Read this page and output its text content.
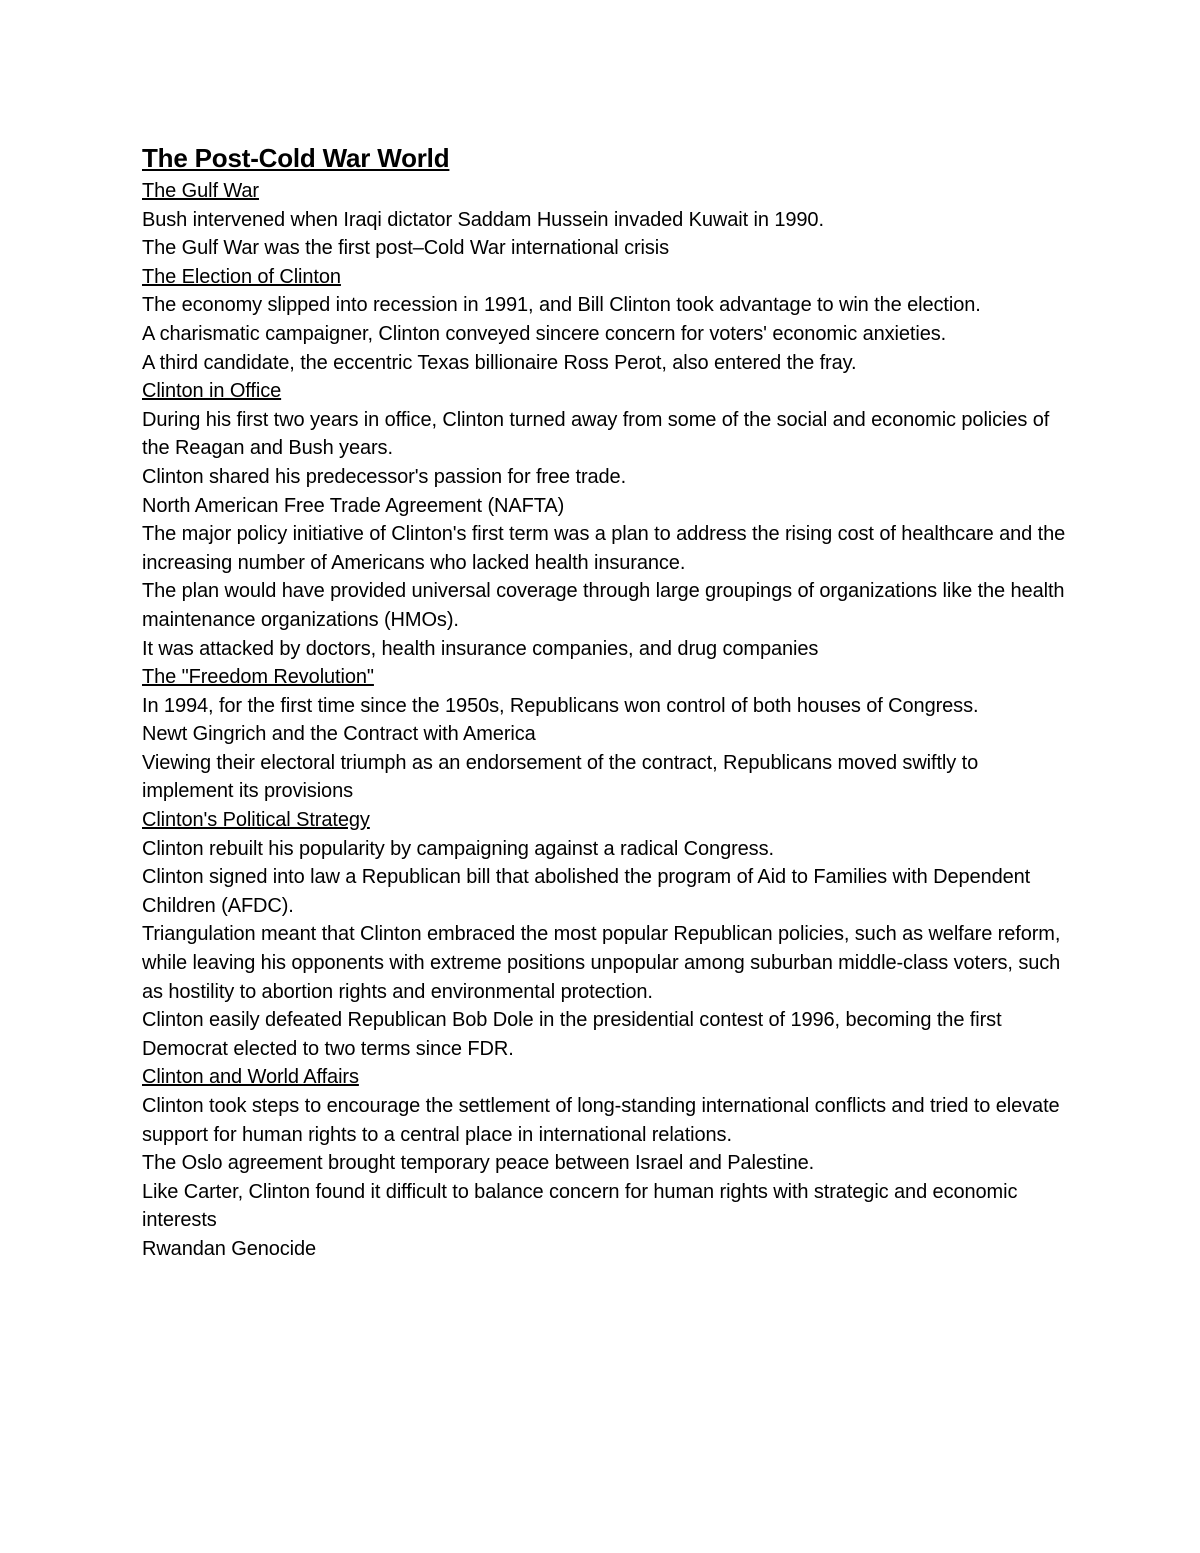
The Post-Cold War World

The Gulf War

Bush intervened when Iraqi dictator Saddam Hussein invaded Kuwait in 1990.

The Gulf War was the first post–Cold War international crisis

The Election of Clinton

The economy slipped into recession in 1991, and Bill Clinton took advantage to win the election.

A charismatic campaigner, Clinton conveyed sincere concern for voters' economic anxieties.

A third candidate, the eccentric Texas billionaire Ross Perot, also entered the fray.

Clinton in Office

During his first two years in office, Clinton turned away from some of the social and economic policies of the Reagan and Bush years.

Clinton shared his predecessor's passion for free trade.

North American Free Trade Agreement (NAFTA)

The major policy initiative of Clinton's first term was a plan to address the rising cost of healthcare and the increasing number of Americans who lacked health insurance.

The plan would have provided universal coverage through large groupings of organizations like the health maintenance organizations (HMOs).

It was attacked by doctors, health insurance companies, and drug companies

The "Freedom Revolution"

In 1994, for the first time since the 1950s, Republicans won control of both houses of Congress.

Newt Gingrich and the Contract with America

Viewing their electoral triumph as an endorsement of the contract, Republicans moved swiftly to implement its provisions

Clinton's Political Strategy

Clinton rebuilt his popularity by campaigning against a radical Congress.

Clinton signed into law a Republican bill that abolished the program of Aid to Families with Dependent Children (AFDC).

Triangulation meant that Clinton embraced the most popular Republican policies, such as welfare reform, while leaving his opponents with extreme positions unpopular among suburban middle-class voters, such as hostility to abortion rights and environmental protection.

Clinton easily defeated Republican Bob Dole in the presidential contest of 1996, becoming the first Democrat elected to two terms since FDR.

Clinton and World Affairs

Clinton took steps to encourage the settlement of long-standing international conflicts and tried to elevate support for human rights to a central place in international relations.

The Oslo agreement brought temporary peace between Israel and Palestine.

Like Carter, Clinton found it difficult to balance concern for human rights with strategic and economic interests

Rwandan Genocide
